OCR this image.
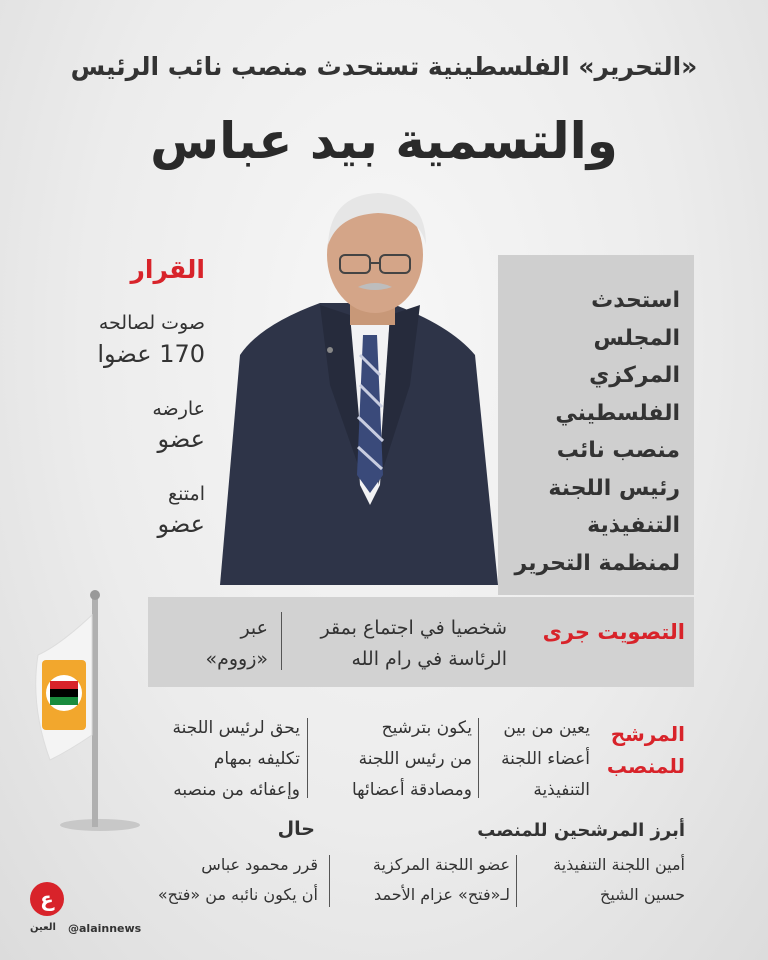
«التحرير» الفلسطينية تستحدث منصب نائب الرئيس
والتسمية بيد عباس
استحدث
المجلس
المركزي
الفلسطيني
منصب نائب
رئيس اللجنة
التنفيذية
لمنظمة التحرير
القرار
صوت لصالحه
170 عضوا
عارضه
عضو
امتنع
عضو
التصويت جرى
شخصيا في اجتماع بمقر
الرئاسة في رام الله
عبر
«زووم»
المرشح
للمنصب
يعين من بين
أعضاء اللجنة
التنفيذية
يكون بترشيح
من رئيس اللجنة
ومصادقة أعضائها
يحق لرئيس اللجنة
تكليفه بمهام
وإعفائه من منصبه
أبرز المرشحين للمنصب
حال
أمين اللجنة التنفيذية
حسين الشيخ
عضو اللجنة المركزية
لـ«فتح» عزام الأحمد
قرر محمود عباس
أن يكون نائبه من «فتح»
ع
العين @alainnews
